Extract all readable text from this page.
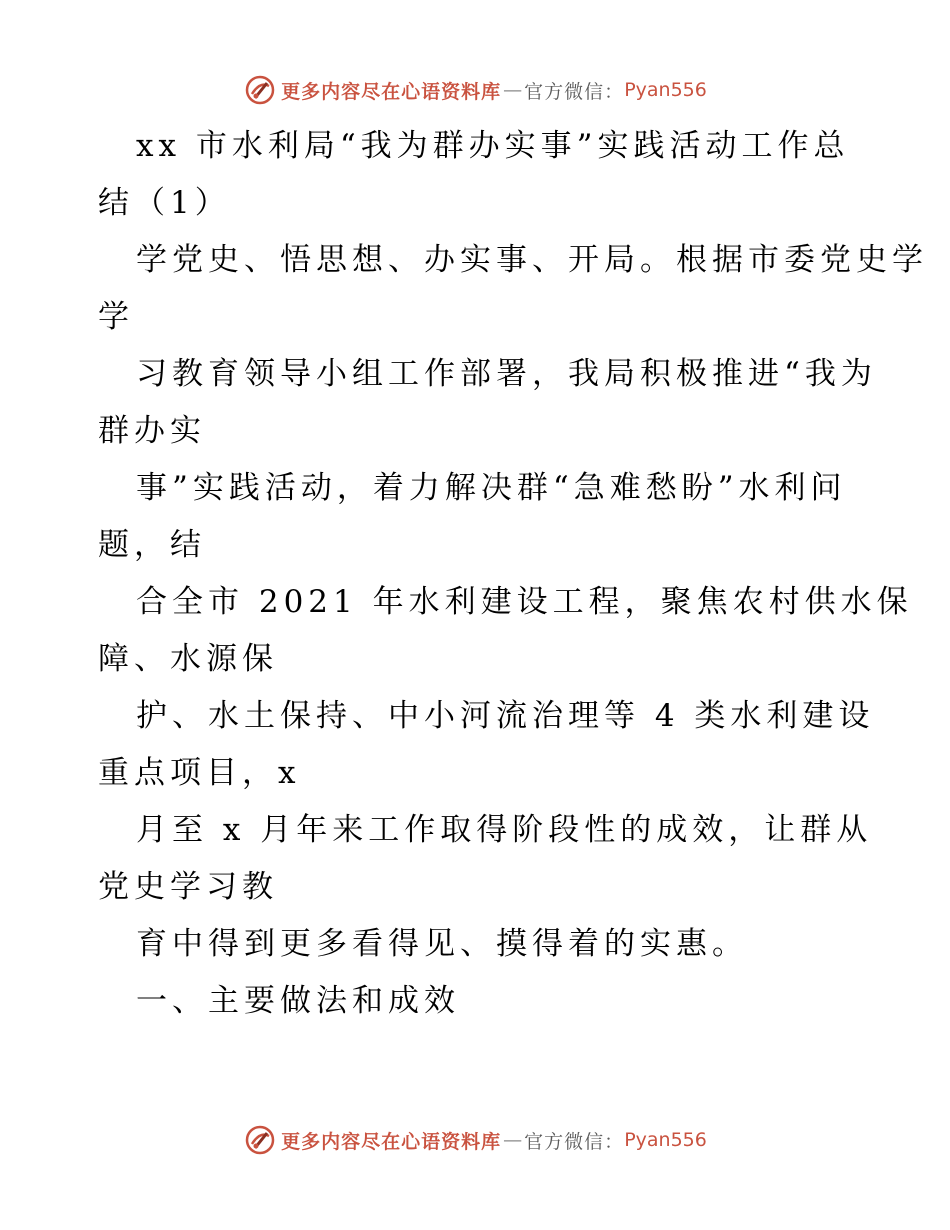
更多内容尽在心语资料库 — 官方微信： Pyan556
xx 市水利局“我为群办实事”实践活动工作总
结（1）
学党史、悟思想、办实事、开局。根据市委党史学
学
习教育领导小组工作部署，我局积极推进“我为
群办实
事”实践活动，着力解决群“急难愁盼”水利问
题，结
合全市 2021 年水利建设工程，聚焦农村供水保
障、水源保
护、水土保持、中小河流治理等 4 类水利建设
重点项目，x
月至 x 月年来工作取得阶段性的成效，让群从
党史学习教
育中得到更多看得见、摸得着的实惠。
一、主要做法和成效
更多内容尽在心语资料库 — 官方微信： Pyan556
